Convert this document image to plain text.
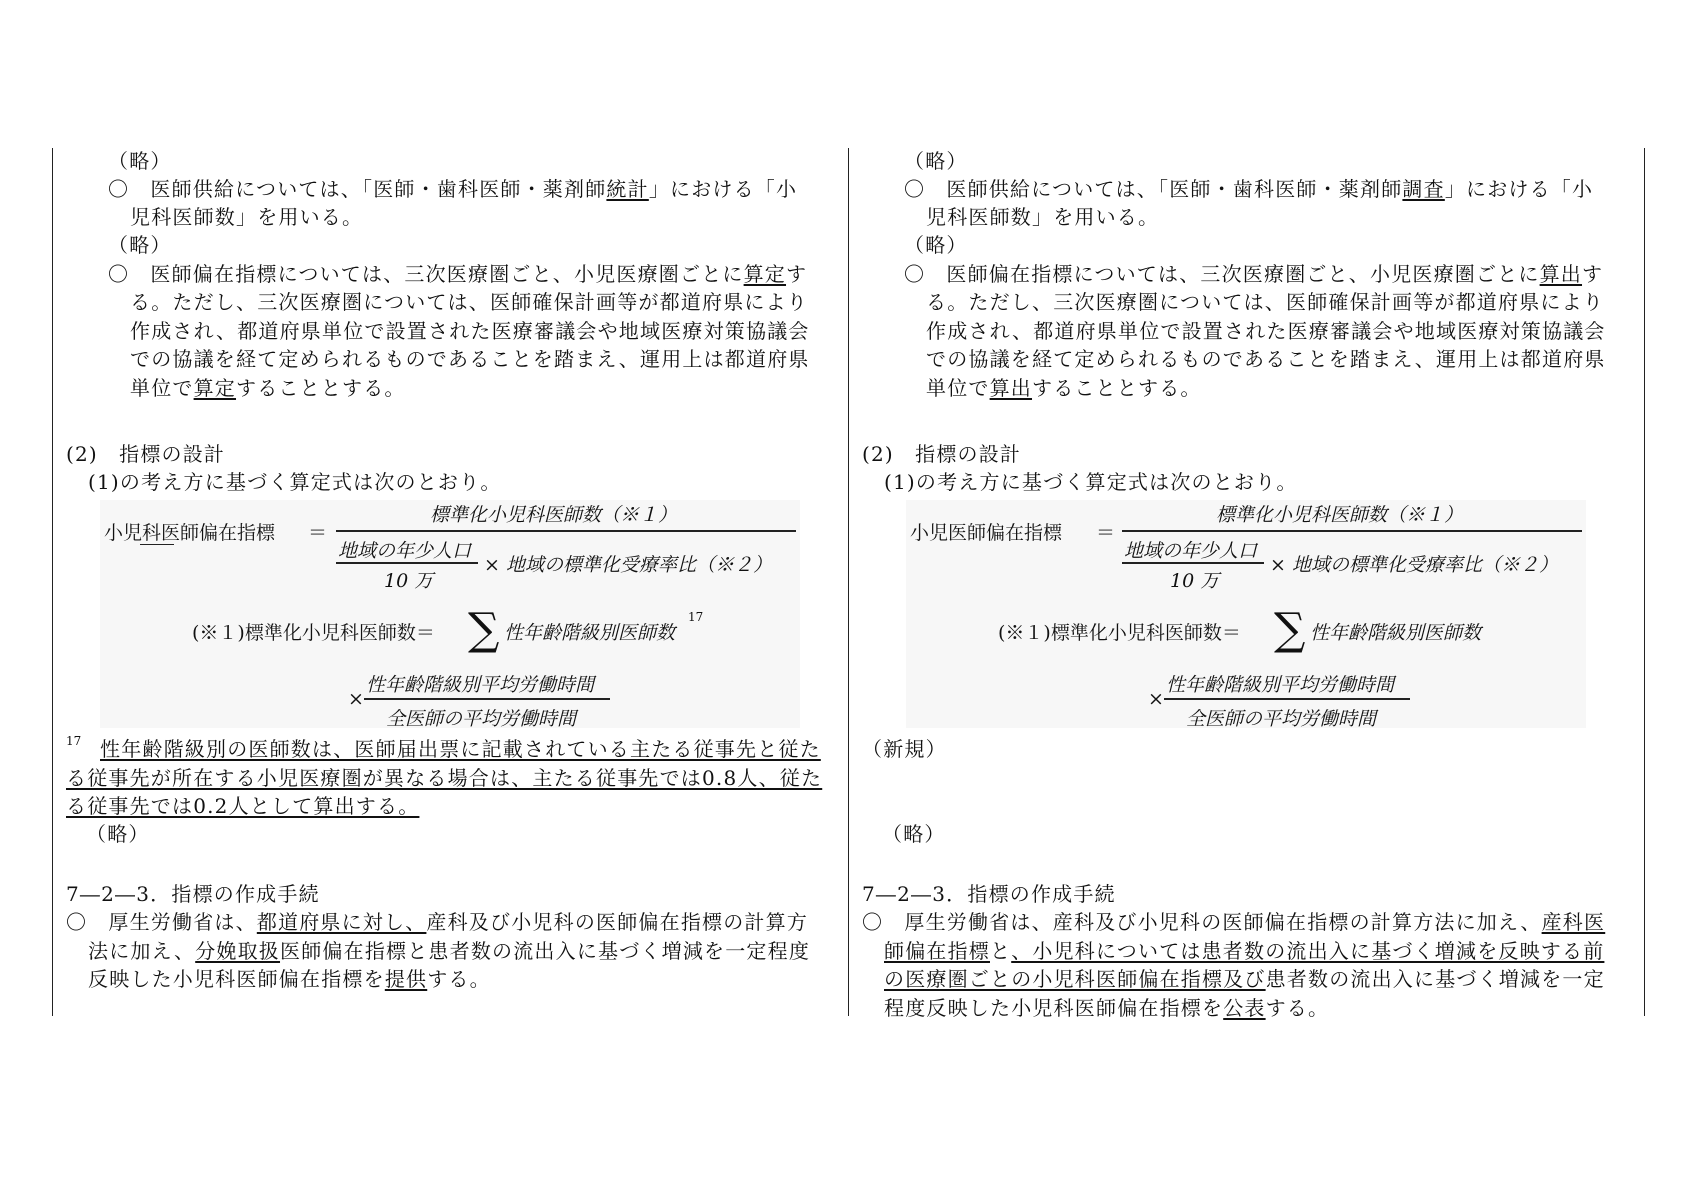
（略）
〇　医師供給については、「医師・歯科医師・薬剤師統計」における「小
児科医師数」を用いる。
（略）
〇　医師偏在指標については、三次医療圏ごと、小児医療圏ごとに算定す
る。ただし、三次医療圏については、医師確保計画等が都道府県により
作成され、都道府県単位で設置された医療審議会や地域医療対策協議会
での協議を経て定められるものであることを踏まえ、運用上は都道府県
単位で算定することとする。
(2)　指標の設計
(1)の考え方に基づく算定式は次のとおり。
小児科医師偏在指標 ＝
標準化小児科医師数（※１）
地域の年少人口
10 万
× 地域の標準化受療率比（※２）
(※１)標準化小児科医師数＝ ∑ 性年齢階級別医師数
17
×
性年齢階級別平均労働時間
全医師の平均労働時間
17 性年齢階級別の医師数は、医師届出票に記載されている主たる従事先と従た
る従事先が所在する小児医療圏が異なる場合は、主たる従事先では0.8人、従た
る従事先では0.2人として算出する。
（略）
7―2―3．指標の作成手続
〇　厚生労働省は、都道府県に対し、産科及び小児科の医師偏在指標の計算方
法に加え、分娩取扱医師偏在指標と患者数の流出入に基づく増減を一定程度
反映した小児科医師偏在指標を提供する。
（略）
〇　医師供給については、「医師・歯科医師・薬剤師調査」における「小
児科医師数」を用いる。
（略）
〇　医師偏在指標については、三次医療圏ごと、小児医療圏ごとに算出す
る。ただし、三次医療圏については、医師確保計画等が都道府県により
作成され、都道府県単位で設置された医療審議会や地域医療対策協議会
での協議を経て定められるものであることを踏まえ、運用上は都道府県
単位で算出することとする。
(2)　指標の設計
(1)の考え方に基づく算定式は次のとおり。
小児医師偏在指標 ＝
標準化小児科医師数（※１）
地域の年少人口
10 万
× 地域の標準化受療率比（※２）
(※１)標準化小児科医師数＝ ∑ 性年齢階級別医師数
×
性年齢階級別平均労働時間
全医師の平均労働時間
（新規）
（略）
7―2―3．指標の作成手続
〇　厚生労働省は、産科及び小児科の医師偏在指標の計算方法に加え、産科医
師偏在指標と、小児科については患者数の流出入に基づく増減を反映する前
の医療圏ごとの小児科医師偏在指標及び患者数の流出入に基づく増減を一定
程度反映した小児科医師偏在指標を公表する。
